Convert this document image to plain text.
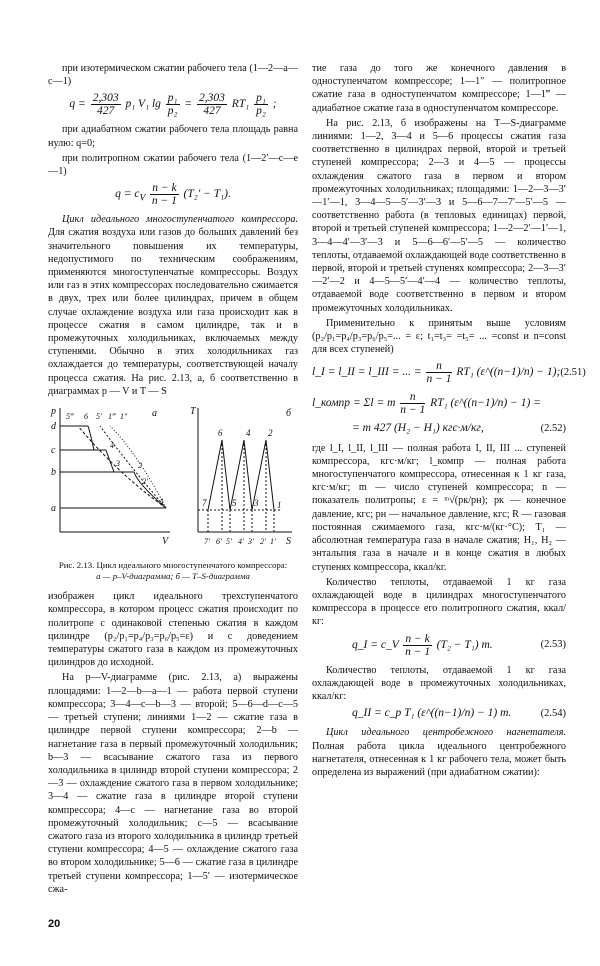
при изотермическом сжатии рабочего тела (1—2—а—с—1)

$q = \frac{2,303}{427} p_1$ V₁ $\lg \frac{\text{p₁}}{\text{p₂}} = \frac{2,303}{427} RT_1 \frac{\text{p₁}}{\text{p₂}}$ ;

при адиабатном сжатии рабочего тела площадь равна нулю: q=0;

при политропном сжатии рабочего тела (1—2′—с—е—1)

$q = c_V \frac{n - k}{n - 1} (T_2' - T_1)$.

Цикл идеального многоступенчатого компрессора. Для сжатия воздуха или газов до больших давлений без значительного повышения их температуры, недопустимого по техническим соображениям, применяются многоступенчатые компрессоры. Воздух или газ в этих компрессорах последовательно сжимается в двух, трех или более цилиндрах, причем в общем случае охлаждение воздуха или газа происходит как в процессе сжатия в самом цилиндре, так и в промежуточных холодильниках, включаемых между ступенями. Обычно в этих холодильниках газ охлаждается до температуры, соответствующей началу процесса сжатия. На рис. 2.13, а, б соответственно в диаграммах p — V и T — S

p
V
d
c
b
a
5‴ 6 5′ 1‴ 1″
4
3 2
1
2′
а	T
S
1
2
3
4
5
6
7
7′ 6′ 5′ 4′ 3′ 2′ 1′
б
Рис. 2.13. Цикл идеального многоступенчатого компрессора:
а — p–V-диаграмма; б — T–S-диаграмма

изображен цикл идеального трехступенчатого компрессора, в котором процесс сжатия происходит по политропе с одинаковой степенью сжатия в каждом цилиндре (p₂/p₁=p₄/p₃=p₆/p₅=ε) и с доведением температуры сжатого газа в каждом из промежуточных цилиндров до исходной.

На p—V-диаграмме (рис. 2.13, а) выражены площадями: 1—2—b—a—1 — работа первой ступени компрессора; 3—4—c—b—3 — второй; 5—6—d—c—5 — третьей ступени; линиями 1—2 — сжатие газа в цилиндре первой ступени компрессора; 2—b — нагнетание газа в первый промежуточный холодильник; b—3 — всасывание сжатого газа из первого холодильника в цилиндр второй ступени компрессора; 2—3 — охлаждение сжатого газа в первом холодильнике; 3—4 — сжатие газа в цилиндре второй ступени компрессора; 4—с — нагнетание газа во второй промежуточный холодильник; с—5 — всасывание сжатого газа из второго холодильника в цилиндр третьей ступени компрессора; 4—5 — охлаждение сжатого газа во втором холодильнике; 5—6 — сжатие газа в цилиндре третьей ступени компрессора; 1—5′ — изотермическое сжа-

тие газа до того же конечного давления в одноступенчатом компрессоре; 1—1″ — политропное сжатие газа в одноступенчатом компрессоре; 1—1‴ — адиабатное сжатие газа в одноступенчатом компрессоре.

На рис. 2.13, б изображены на T—S-диаграмме линиями: 1—2, 3—4 и 5—6 процессы сжатия газа соответственно в цилиндрах первой, второй и третьей ступеней компрессора; 2—3 и 4—5 — процессы охлаждения сжатого газа в первом и втором промежуточных холодильниках; площадями: 1—2—3—3′—1′—1, 3—4—5—5′—3′—3 и 5—6—7—7′—5′—5 — соответственно работа (в тепловых единицах) первой, второй и третьей ступеней компрессора; 1—2—2′—1′—1, 3—4—4′—3′—3 и 5—6—6′—5′—5 — количество теплоты, отдаваемой охлаждающей воде соответственно в первой, второй и третьей ступенях компрессора; 2—3—3′—2′—2 и 4—5—5′—4′—4 — количество теплоты, отдаваемой воде соответственно в первом и втором промежуточных холодильниках.

Применительно к принятым выше условиям (p₂/p₁=p₄/p₃=p₆/p₅=... = ε; t₁=t₃= =t₅= ... =const и n=const для всех ступеней)

l_I = l_II = l_III = ... = $\frac{n}{n - 1} RT_1$ (ε^((n−1)/n) − 1); (2.51)
l_компр = Σl = m $\frac{n}{n - 1} RT_1$ (ε^((n−1)/n) − 1) =
= m 427 (H₂ − H₁) кгс·м/кг,	(2.52)

где l_I, l_II, l_III — полная работа I, II, III ... ступеней компрессора, кгс·м/кг; l_компр — полная работа многоступенчатого компрессора, отнесенная к 1 кг газа, кгс·м/кг; m — число ступеней компрессора; n — показатель политропы; ε = ᵐ√(pк/pн); pк — конечное давление, кгс; pн — начальное давление, кгс; R — газовая постоянная сжимаемого газа, кгс·м/(кг·°С); T₁ — абсолютная температура газа в начале сжатия; H₁, H₂ — энтальпия газа в начале и в конце сжатия в любых ступенях компрессора, ккал/кг.

Количество теплоты, отдаваемой 1 кг газа охлаждающей воде в цилиндрах многоступенчатого компрессора в процессе его политропного сжатия, ккал/кг:

q_I = c_V $\frac{n - k}{n - 1} (T_2 - T_1)$ m.	(2.53)

Количество теплоты, отдаваемой 1 кг газа охлаждающей воде в промежуточных холодильниках, ккал/кг:

q_II = c_p T₁ (ε^((n−1)/n) − 1) m.	(2.54)

Цикл идеального центробежного нагнетателя. Полная работа цикла идеального центробежного нагнетателя, отнесенная к 1 кг рабочего тела, может быть определена из выражений (при адиабатном сжатии):

20
